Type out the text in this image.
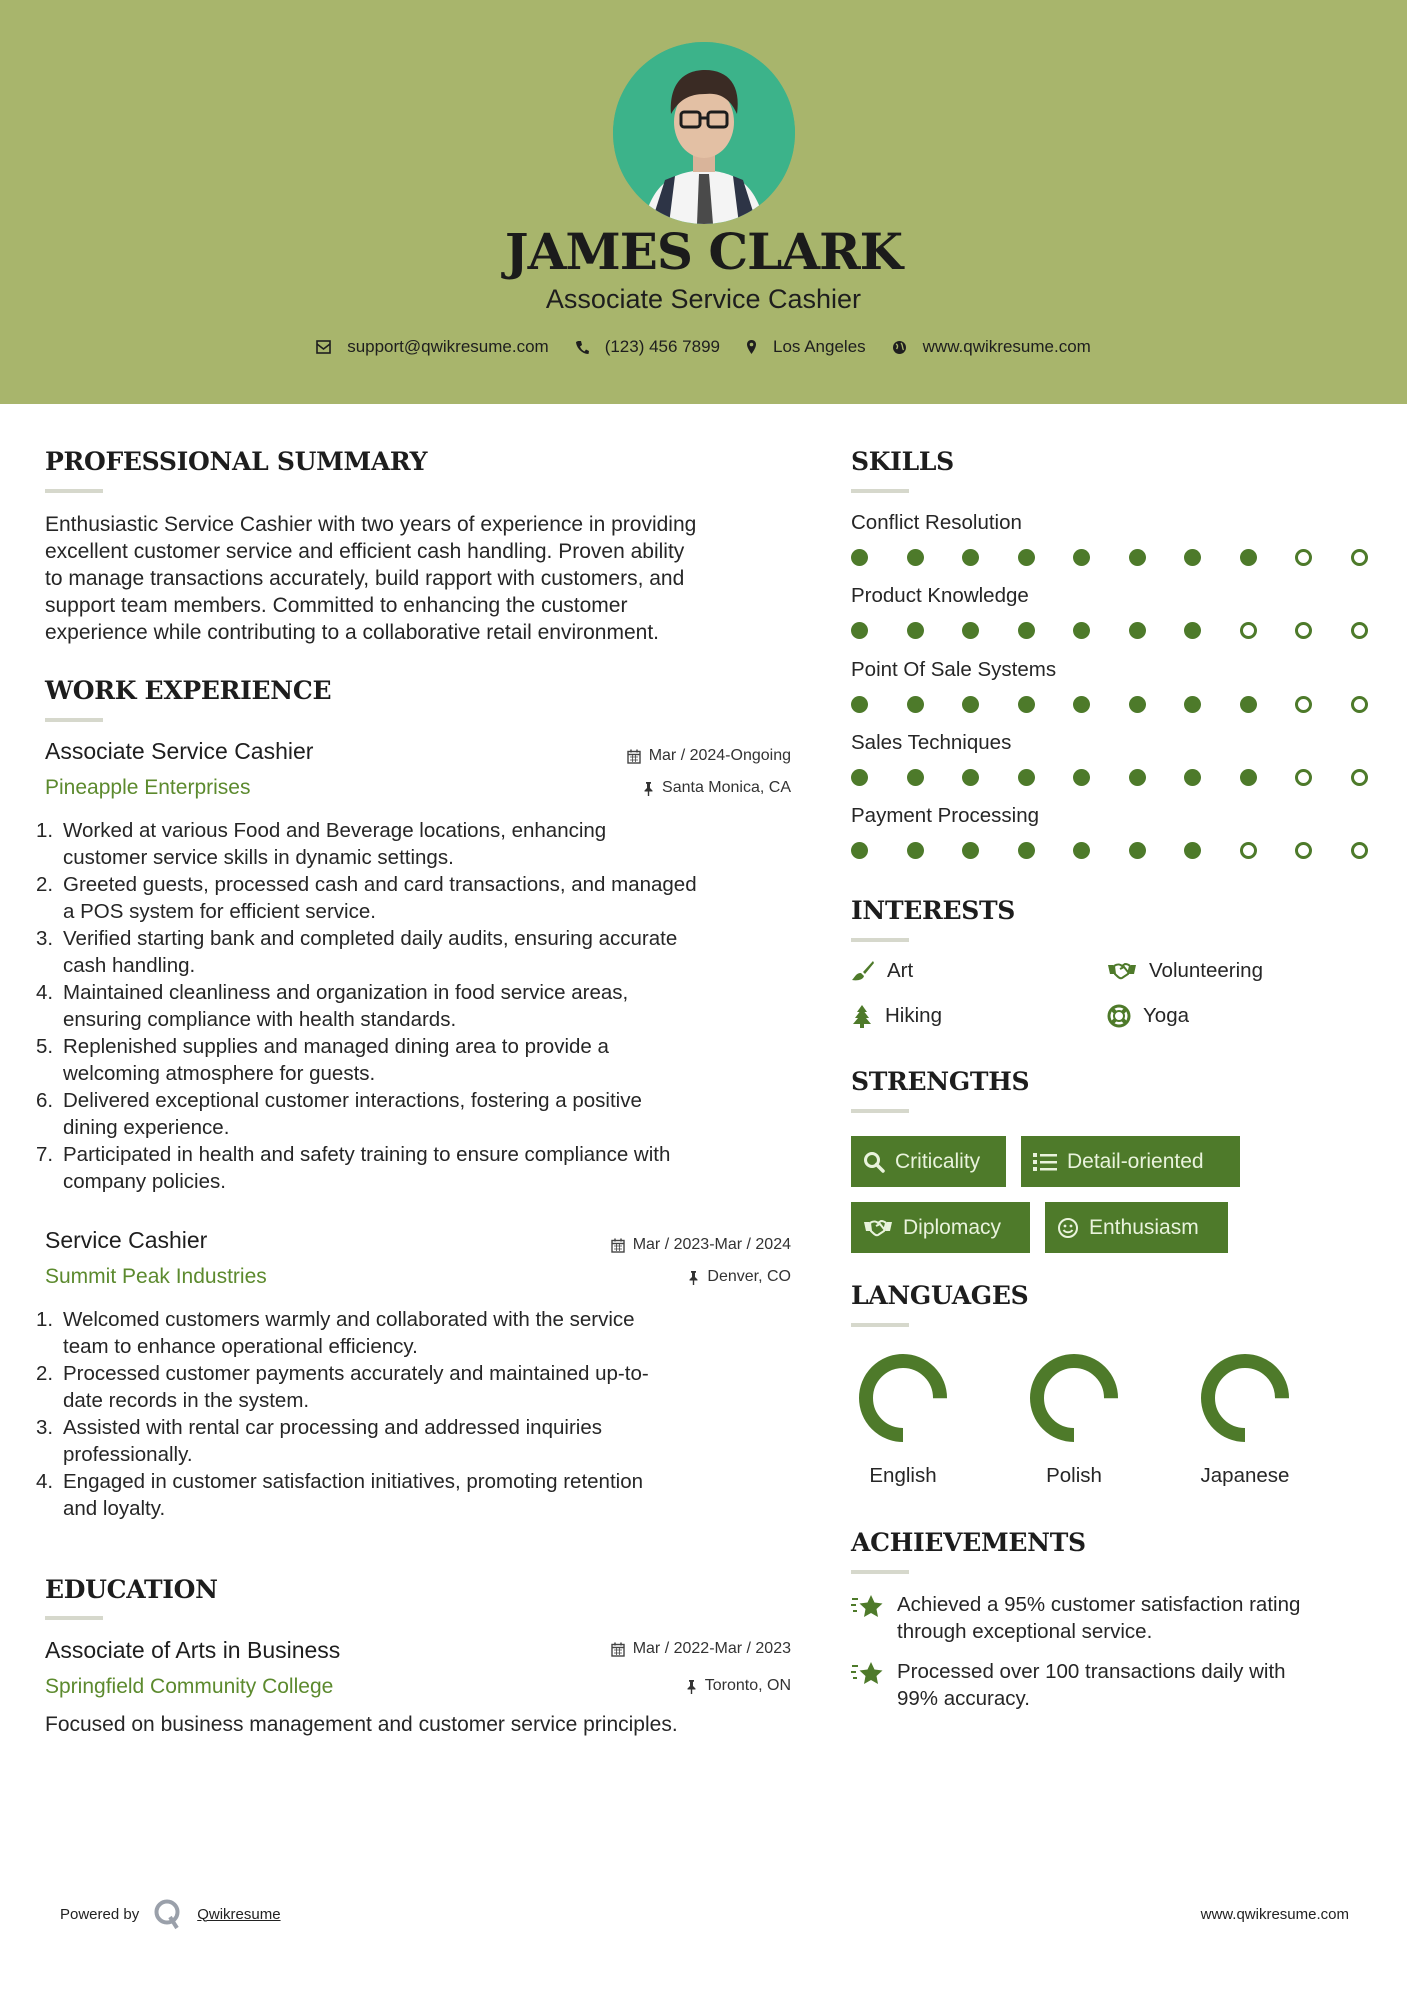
JAMES CLARK
Associate Service Cashier
support@qwikresume.com	(123) 456 7899	Los Angeles	www.qwikresume.com
PROFESSIONAL SUMMARY
Enthusiastic Service Cashier with two years of experience in providing
excellent customer service and efficient cash handling. Proven ability
to manage transactions accurately, build rapport with customers, and
support team members. Committed to enhancing the customer
experience while contributing to a collaborative retail environment.
WORK EXPERIENCE
Associate Service Cashier	Mar / 2024-Ongoing
Pineapple Enterprises	Santa Monica, CA
1. Worked at various Food and Beverage locations, enhancing
customer service skills in dynamic settings.
2. Greeted guests, processed cash and card transactions, and managed
a POS system for efficient service.
3. Verified starting bank and completed daily audits, ensuring accurate
cash handling.
4. Maintained cleanliness and organization in food service areas,
ensuring compliance with health standards.
5. Replenished supplies and managed dining area to provide a
welcoming atmosphere for guests.
6. Delivered exceptional customer interactions, fostering a positive
dining experience.
7. Participated in health and safety training to ensure compliance with
company policies.
Service Cashier	Mar / 2023-Mar / 2024
Summit Peak Industries	Denver, CO
1. Welcomed customers warmly and collaborated with the service
team to enhance operational efficiency.
2. Processed customer payments accurately and maintained up-to-
date records in the system.
3. Assisted with rental car processing and addressed inquiries
professionally.
4. Engaged in customer satisfaction initiatives, promoting retention
and loyalty.
EDUCATION
Associate of Arts in Business	Mar / 2022-Mar / 2023
Springfield Community College	Toronto, ON
Focused on business management and customer service principles.
SKILLS
Conflict Resolution
Product Knowledge
Point Of Sale Systems
Sales Techniques
Payment Processing
INTERESTS
Art	Volunteering
Hiking	Yoga
STRENGTHS
Criticality	Detail-oriented
Diplomacy	Enthusiasm
LANGUAGES
English	Polish	Japanese
ACHIEVEMENTS
Achieved a 95% customer satisfaction rating
through exceptional service.
Processed over 100 transactions daily with
99% accuracy.
Powered by	Qwikresume	www.qwikresume.com
